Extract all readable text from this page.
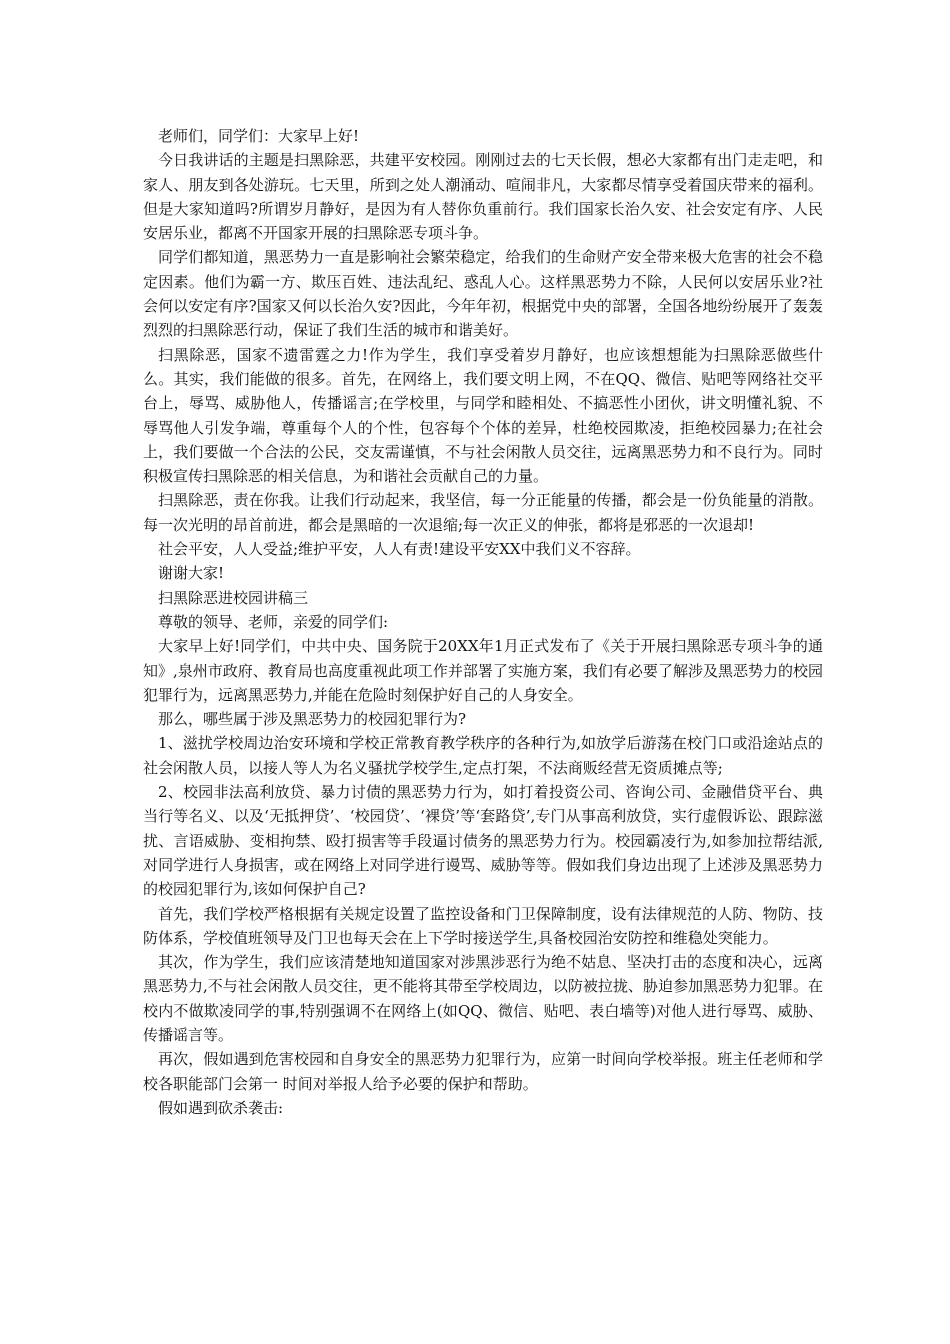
老师们，同学们：大家早上好!

今日我讲话的主题是扫黑除恶，共建平安校园。刚刚过去的七天长假，想必大家都有出门走走吧，和家人、朋友到各处游玩。七天里，所到之处人潮涌动、喧闹非凡，大家都尽情享受着国庆带来的福利。但是大家知道吗?所谓岁月静好，是因为有人替你负重前行。我们国家长治久安、社会安定有序、人民安居乐业，都离不开国家开展的扫黑除恶专项斗争。

同学们都知道，黑恶势力一直是影响社会繁荣稳定，给我们的生命财产安全带来极大危害的社会不稳定因素。他们为霸一方、欺压百姓、违法乱纪、惑乱人心。这样黑恶势力不除，人民何以安居乐业?社会何以安定有序?国家又何以长治久安?因此，今年年初，根据党中央的部署，全国各地纷纷展开了轰轰烈烈的扫黑除恶行动，保证了我们生活的城市和谐美好。

扫黑除恶，国家不遗雷霆之力!作为学生，我们享受着岁月静好，也应该想想能为扫黑除恶做些什么。其实，我们能做的很多。首先，在网络上，我们要文明上网，不在QQ、微信、贴吧等网络社交平台上，辱骂、威胁他人，传播谣言;在学校里，与同学和睦相处、不搞恶性小团伙，讲文明懂礼貌、不辱骂他人引发争端，尊重每个人的个性，包容每个个体的差异，杜绝校园欺凌，拒绝校园暴力;在社会上，我们要做一个合法的公民，交友需谨慎，不与社会闲散人员交往，远离黑恶势力和不良行为。同时积极宣传扫黑除恶的相关信息，为和谐社会贡献自己的力量。

扫黑除恶，责在你我。让我们行动起来，我坚信，每一分正能量的传播，都会是一份负能量的消散。每一次光明的昂首前进，都会是黑暗的一次退缩;每一次正义的伸张，都将是邪恶的一次退却!

社会平安，人人受益;维护平安，人人有责!建设平安XX中我们义不容辞。

谢谢大家!

扫黑除恶进校园讲稿三

尊敬的领导、老师，亲爱的同学们:

大家早上好!同学们，中共中央、国务院于20XX年1月正式发布了《关于开展扫黑除恶专项斗争的通知》,泉州市政府、教育局也高度重视此项工作并部署了实施方案，我们有必要了解涉及黑恶势力的校园犯罪行为，远离黑恶势力,并能在危险时刻保护好自己的人身安全。

那么，哪些属于涉及黑恶势力的校园犯罪行为?

1、滋扰学校周边治安环境和学校正常教育教学秩序的各种行为,如放学后游荡在校门口或沿途站点的社会闲散人员，以接人等人为名义骚扰学校学生,定点打架，不法商贩经营无资质摊点等;

2、校园非法高利放贷、暴力讨债的黑恶势力行为，如打着投资公司、咨询公司、金融借贷平台、典当行等名义、以及‘无抵押贷’、‘校园贷’、‘裸贷’等‘套路贷’,专门从事高利放贷，实行虚假诉讼、跟踪滋扰、言语威胁、变相拘禁、殴打损害等手段逼讨债务的黑恶势力行为。校园霸凌行为,如参加拉帮结派,对同学进行人身损害，或在网络上对同学进行谩骂、威胁等等。假如我们身边出现了上述涉及黑恶势力的校园犯罪行为,该如何保护自己?

首先，我们学校严格根据有关规定设置了监控设备和门卫保障制度，设有法律规范的人防、物防、技防体系，学校值班领导及门卫也每天会在上下学时接送学生,具备校园治安防控和维稳处突能力。

其次，作为学生，我们应该清楚地知道国家对涉黑涉恶行为绝不姑息、坚决打击的态度和决心，远离黑恶势力,不与社会闲散人员交往，更不能将其带至学校周边，以防被拉拢、胁迫参加黑恶势力犯罪。在校内不做欺凌同学的事,特别强调不在网络上(如QQ、微信、贴吧、表白墙等)对他人进行辱骂、威胁、传播谣言等。

再次，假如遇到危害校园和自身安全的黑恶势力犯罪行为，应第一时间向学校举报。班主任老师和学校各职能部门会第一 时间对举报人给予必要的保护和帮助。

假如遇到砍杀袭击:
